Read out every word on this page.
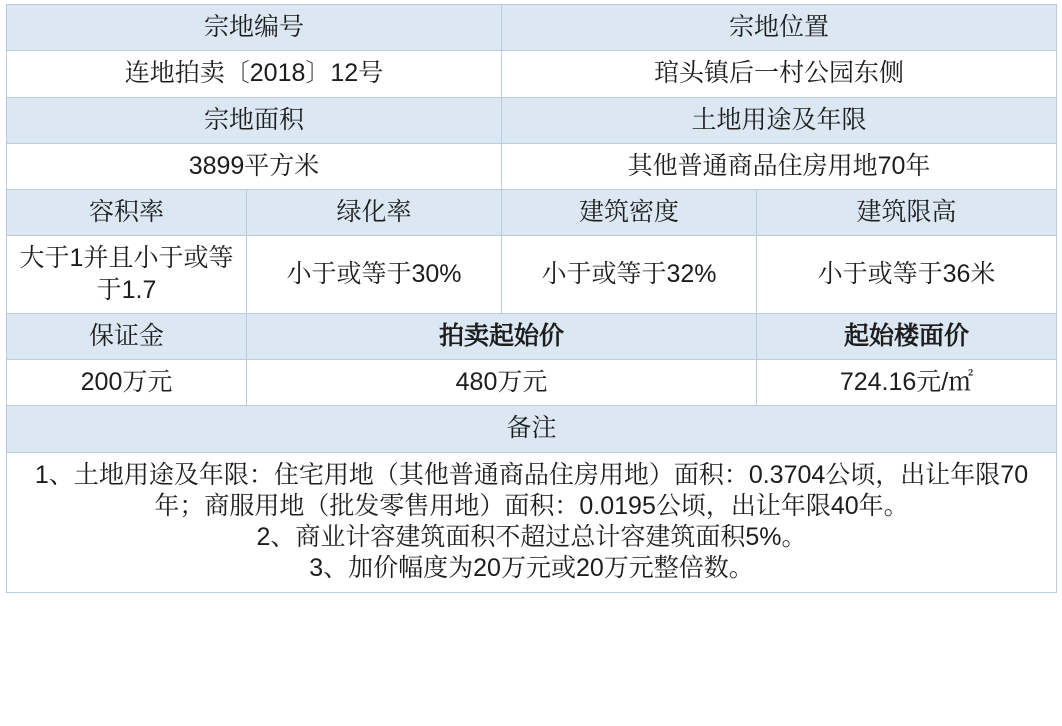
宗地编号		宗地位置	
连地拍卖〔2018〕12号		琯头镇后一村公园东侧	
宗地面积		土地用途及年限	
3899平方米		其他普通商品住房用地70年	
容积率	绿化率	建筑密度	建筑限高
大于1并且小于或等于1.7	小于或等于30%	小于或等于32%	小于或等于36米
保证金	拍卖起始价		起始楼面价
200万元	480万元		724.16元/㎡
备注			

1、土地用途及年限：住宅用地（其他普通商品住房用地）面积：0.3704公顷，出让年限70年；商服用地（批发零售用地）面积：0.0195公顷，出让年限40年。
2、商业计容建筑面积不超过总计容建筑面积5%。
3、加价幅度为20万元或20万元整倍数。			
